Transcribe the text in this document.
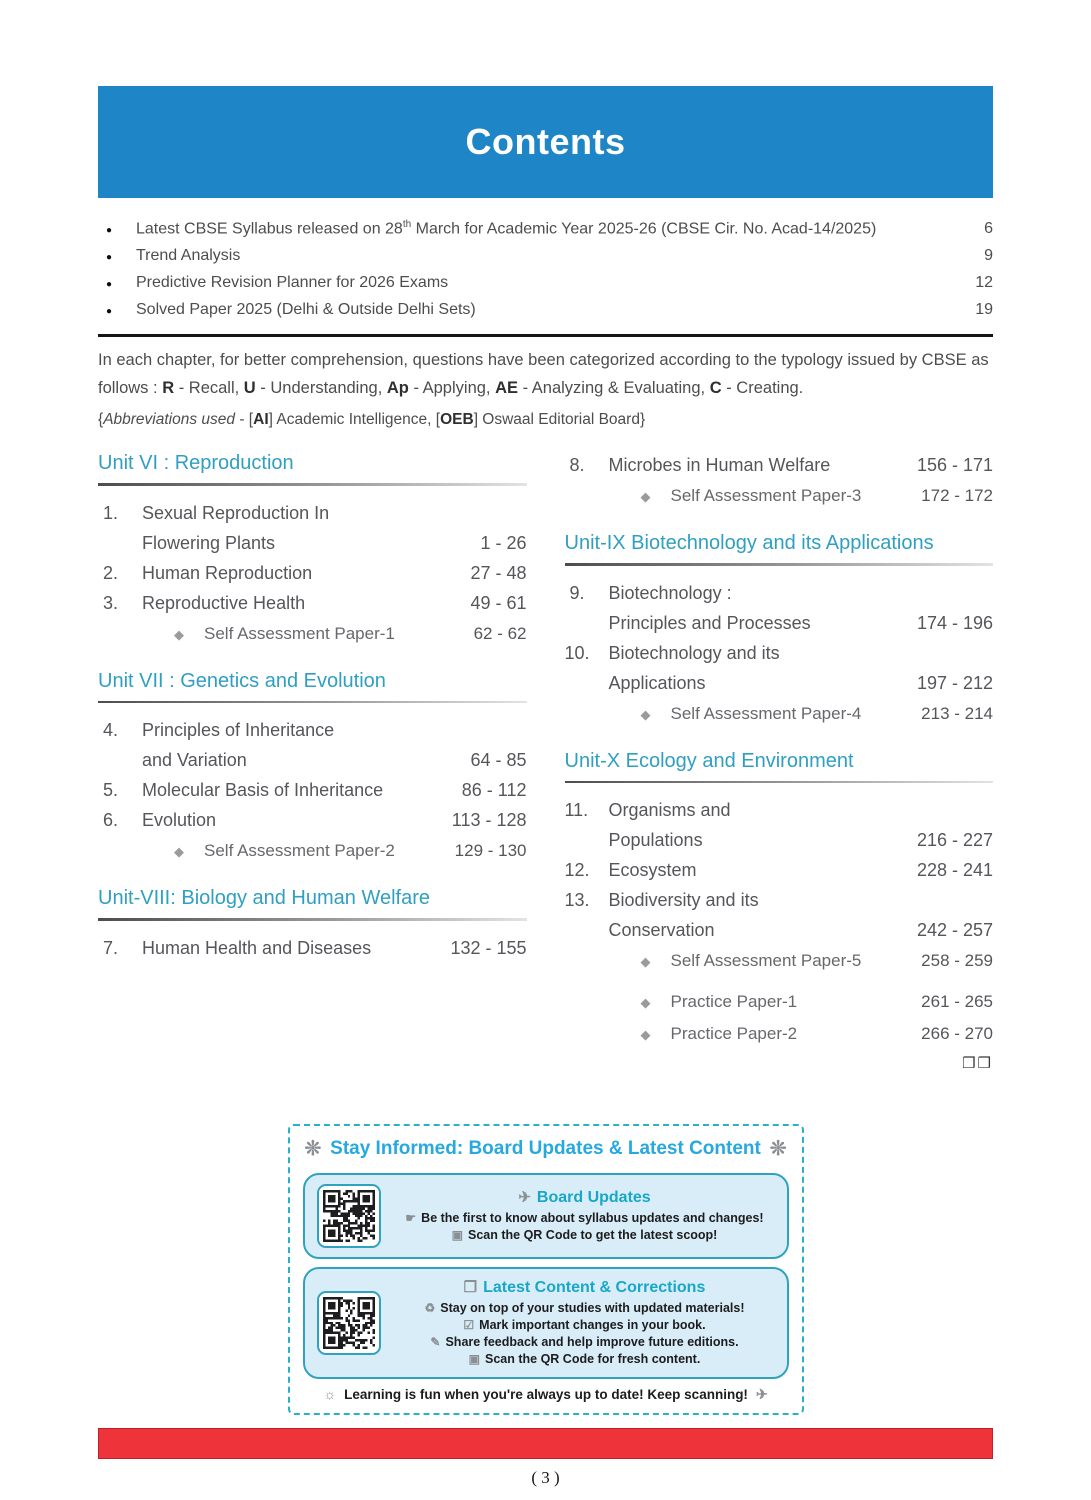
Contents
●	Latest CBSE Syllabus released on 28th March for Academic Year 2025-26 (CBSE Cir. No. Acad-14/2025)	6
●	Trend Analysis	9
●	Predictive Revision Planner for 2026 Exams	12
●	Solved Paper 2025 (Delhi & Outside Delhi Sets)	19

In each chapter, for better comprehension, questions have been categorized according to the typology issued by CBSE as follows : R - Recall, U - Understanding, Ap - Applying, AE - Analyzing & Evaluating, C - Creating.

{Abbreviations used - [AI] Academic Intelligence, [OEB] Oswaal Editorial Board}

Unit VI : Reproduction
1.	Sexual Reproduction In
Flowering Plants	1 - 26
2.	Human Reproduction	27 - 48
3.	Reproductive Health	49 - 61
◆ Self Assessment Paper-1	62 - 62
Unit VII : Genetics and Evolution
4.	Principles of Inheritance
and Variation	64 - 85
5.	Molecular Basis of Inheritance	86 - 112
6.	Evolution	113 - 128
◆ Self Assessment Paper-2	129 - 130
Unit-VIII: Biology and Human Welfare
7.	Human Health and Diseases	132 - 155
8.	Microbes in Human Welfare	156 - 171
◆ Self Assessment Paper-3	172 - 172
Unit-IX Biotechnology and its Applications
9.	Biotechnology :
Principles and Processes	174 - 196
10.	Biotechnology and its
Applications	197 - 212
◆ Self Assessment Paper-4	213 - 214
Unit-X Ecology and Environment
11.	Organisms and
Populations	216 - 227
12.	Ecosystem	228 - 241
13.	Biodiversity and its
Conservation	242 - 257
◆ Self Assessment Paper-5	258 - 259
◆ Practice Paper-1	261 - 265
◆ Practice Paper-2	266 - 270
❒❒
❊ Stay Informed: Board Updates & Latest Content ❊
✈ Board Updates
☛ Be the first to know about syllabus updates and changes!
▣ Scan the QR Code to get the latest scoop!
❐ Latest Content & Corrections
♻ Stay on top of your studies with updated materials!
☑ Mark important changes in your book.
✎ Share feedback and help improve future editions.
▣ Scan the QR Code for fresh content.
☼ Learning is fun when you're always up to date! Keep scanning! ✈
( 3 )
